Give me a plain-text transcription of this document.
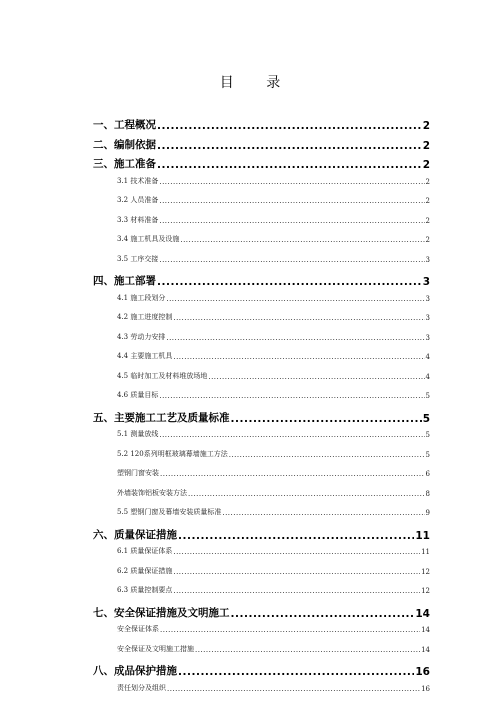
目 录
一、工程概况 .....	2
二、编制依据 .....	2
三、施工准备 .....	2
3.1 技术准备 .....	2
3.2 人员准备 .....	2
3.3 材料准备 .....	2
3.4 施工机具及设施 .....	2
3.5 工序交接 .....	3
四、施工部署 .....	3
4.1 施工段划分 .....	3
4.2 施工进度控制 .....	3
4.3 劳动力安排 .....	3
4.4 主要施工机具 .....	4
4.5 临时加工及材料堆放场地 .....	4
4.6 质量目标 .....	5
五、主要施工工艺及质量标准 .....	5
5.1 测量放线 .....	5
5.2 120系列明框玻璃幕墙施工方法 .....	5
塑钢门窗安装 .....	6
外墙装饰铝板安装方法 .....	8
5.5 塑钢门窗及幕墙安装质量标准 .....	9
六、质量保证措施 .....	11
6.1 质量保证体系 .....	11
6.2 质量保证措施 .....	12
6.3 质量控制要点 .....	12
七、安全保证措施及文明施工 .....	14
安全保证体系 .....	14
安全保证及文明施工措施 .....	14
八、成品保护措施 .....	16
责任划分及组织 .....	16
